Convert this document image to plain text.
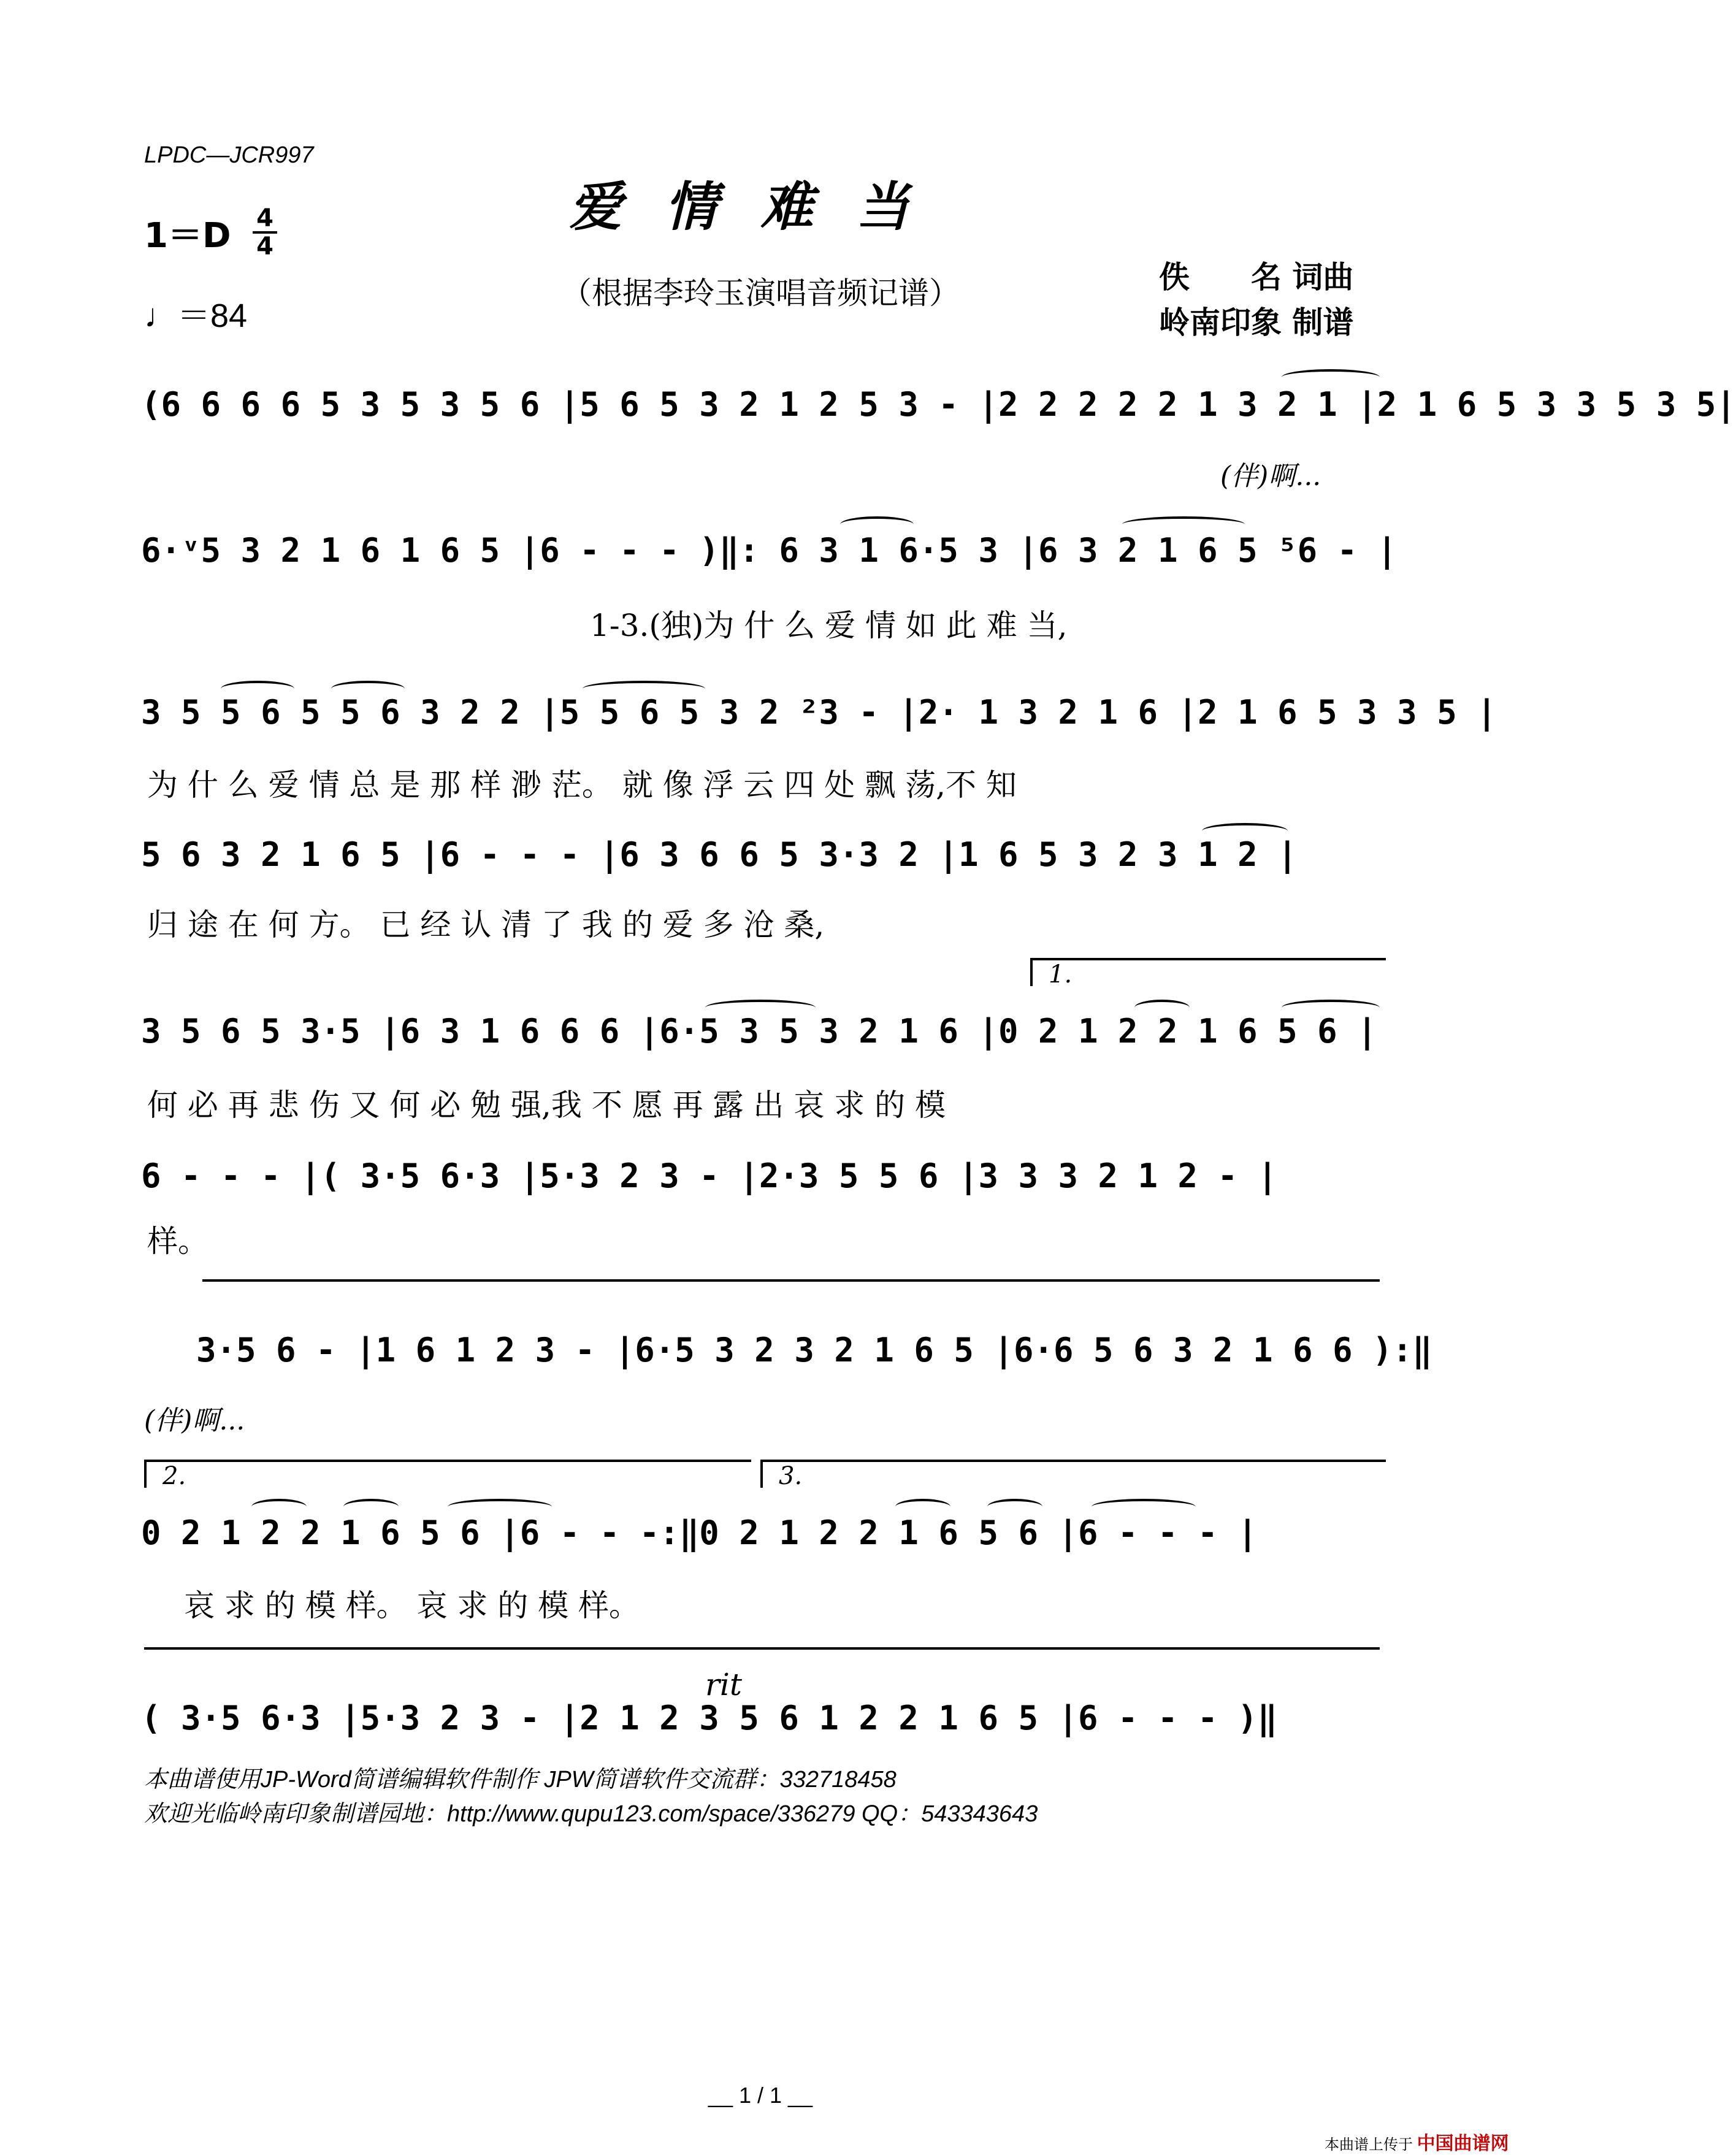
LPDC—JCR997
爱情难当
1＝D 4
4
（根据李玲玉演唱音频记谱）
♩＝84
佚　　名 词曲
岭南印象 制谱
(6 6 6 6 5 3 5 3 5 6 |5 6 5 3 2 1 2 5 3 - |2 2 2 2 2 1 3 2 1 |2 1 6 5 3 3 5 3 5|
(伴)啊...
6·ᵛ5 3 2 1 6 1 6 5 |6 - - - )‖: 6 3 1 6·5 3 |6 3 2 1 6 5 ⁵6 - |
1-3.(独)为 什 么 爱 情 如 此 难 当,
3 5 5 6 5 5 6 3 2 2 |5 5 6 5 3 2 ²3 - |2· 1 3 2 1 6 |2 1 6 5 3 3 5 |
为 什 么 爱 情 总 是 那 样 渺 茫。 就 像 浮 云 四 处 飘 荡,不 知
5 6 3 2 1 6 5 |6 - - - |6 3 6 6 5 3·3 2 |1 6 5 3 2 3 1 2 |
归 途 在 何 方。 已 经 认 清 了 我 的 爱 多 沧 桑,
1.
3 5 6 5 3·5 |6 3 1 6 6 6 |6·5 3 5 3 2 1 6 |0 2 1 2 2 1 6 5 6 |
何 必 再 悲 伤 又 何 必 勉 强,我 不 愿 再 露 出 哀 求 的 模
6 - - - |( 3·5 6·3 |5·3 2 3 - |2·3 5 5 6 |3 3 3 2 1 2 - |
样。
3·5 6 - |1 6 1 2 3 - |6·5 3 2 3 2 1 6 5 |6·6 5 6 3 2 1 6 6 ):‖
(伴)啊...
2.	3.
0 2 1 2 2 1 6 5 6 |6 - - -:‖0 2 1 2 2 1 6 5 6 |6 - - - |
哀 求 的 模 样。 哀 求 的 模 样。
rit
( 3·5 6·3 |5·3 2 3 - |2 1 2 3 5 6 1 2 2 1 6 5 |6 - - - )‖
本曲谱使用JP-Word简谱编辑软件制作 JPW简谱软件交流群：332718458
欢迎光临岭南印象制谱园地：http://www.qupu123.com/space/336279 QQ：543343643
__ 1 / 1 __
本曲谱上传于 中国曲谱网
